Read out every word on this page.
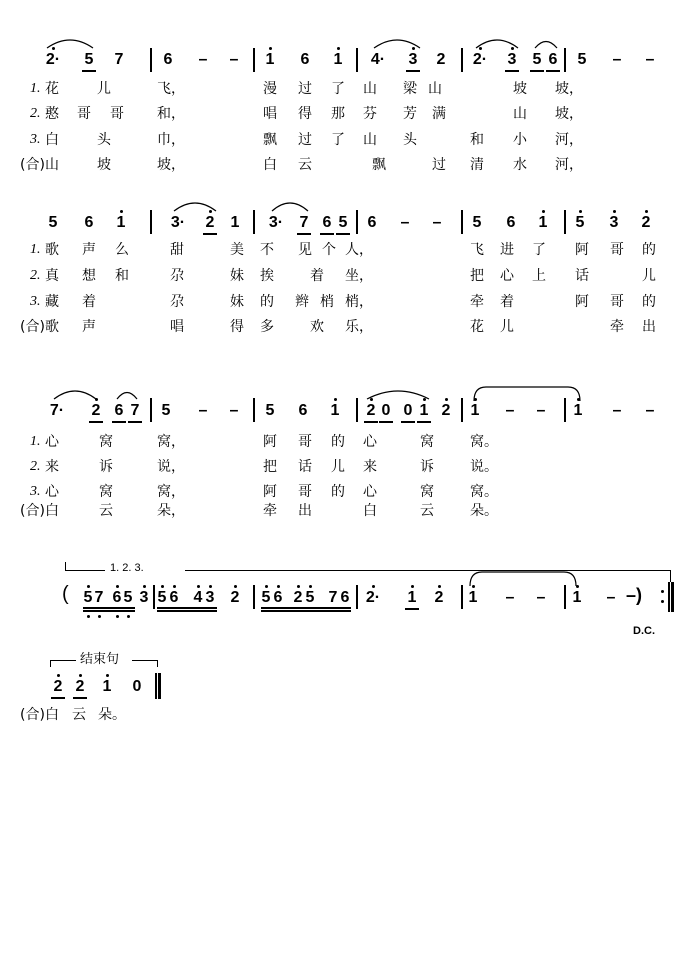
2·	5	7	6	–	–	1	6	1	4·	3	2	2·	3	5 6	5	–	–
1. 花	儿	飞，	漫 过 了 山 梁 山	坡 坡，
2. 憨 哥 哥 和，	唱 得 那 芬 芳 满	山 坡，
3. 白	头	巾，	飘 过 了 山 头	和 小 河，
(合) 山	坡	坡，	白 云	飘	过 清 水 河，
5	6	1	3·	2	1	3·	7 6 5	6	–	–	5	6	1	5	3	2
1. 歌 声 么	甜	美 不 见 个 人，	飞 进 了 阿 哥 的
2. 真 想 和	尕	妹 挨	着 坐，	把 心 上 话	儿
3. 藏 着	尕	妹 的 辫 梢 梢，	牵 着	阿 哥 的
(合) 歌 声	唱	得 多	欢 乐，	花 儿	牵 出
7·	2 6 7	5	–	–	5	6	1	2 0 0 1 2	1	–	–	1	–	–
1. 心	窝	窝，	阿 哥 的 心	窝	窝。
2. 来	诉	说，	把 话 儿 来	诉	说。
3. 心	窝	窝，	阿 哥 的 心	窝	窝。
(合) 白	云	朵，	牵 出	白	云	朵。
1. 2. 3.
( 5 7 6 5 3 5 6 4 3	2	5 6 2 5 7 6	2·	1	2	1	–	–	1	– –)
D.C.
结束句
2 2	1	0
(合) 白 云 朵。
